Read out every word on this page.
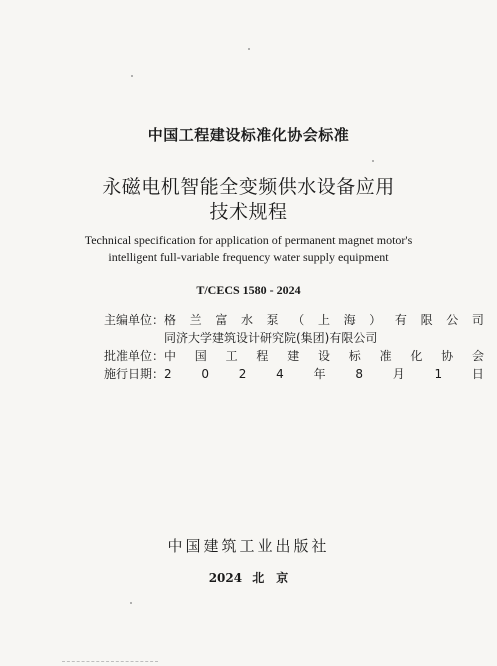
中国工程建设标准化协会标准
永磁电机智能全变频供水设备应用
技术规程
Technical specification for application of permanent magnet motor's
intelligent full-variable frequency water supply equipment
T/CECS 1580 - 2024
主编单位： 格 兰 富 水 泵 （ 上 海 ） 有 限 公 司
同济大学建筑设计研究院(集团)有限公司
批准单位： 中 国 工 程 建 设 标 准 化 协 会
施行日期： 2 0 2 4 年 8 月 1 日
中国建筑工业出版社
2024 北　京
